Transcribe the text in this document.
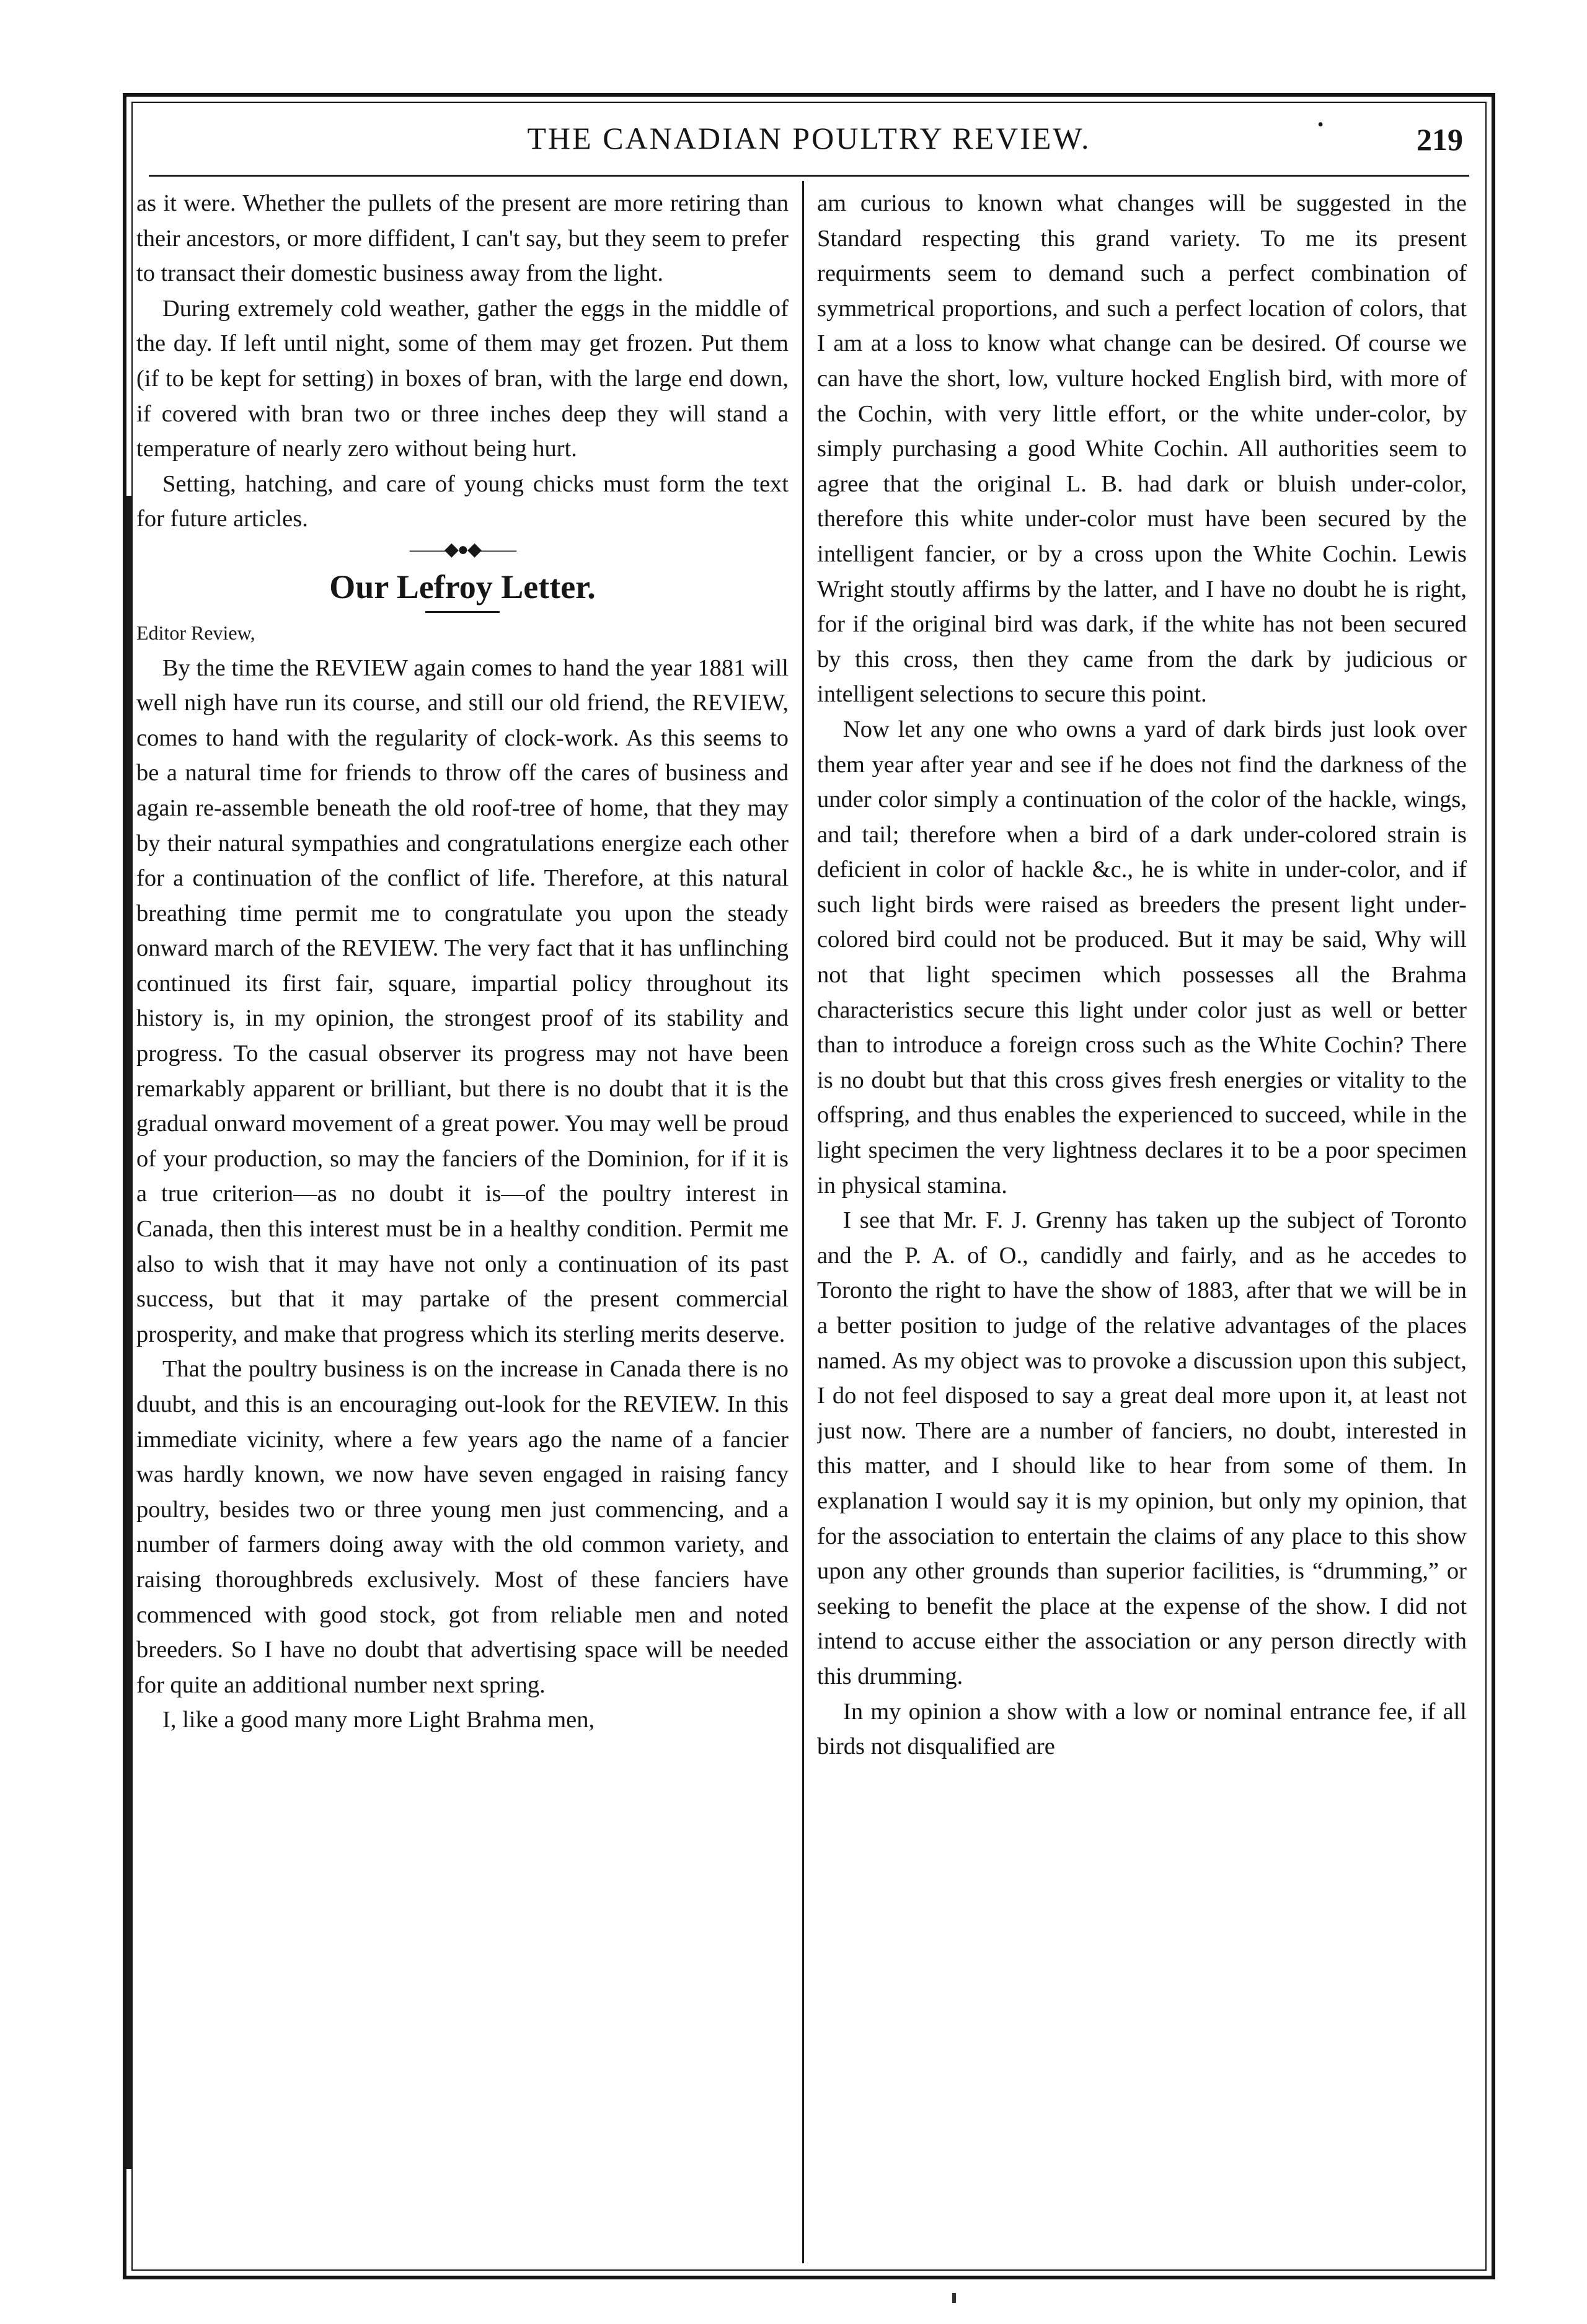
THE CANADIAN POULTRY REVIEW.	•	219

as it were. Whether the pullets of the present are more retiring than their ancestors, or more diffident, I can't say, but they seem to prefer to transact their domestic business away from the light.

During extremely cold weather, gather the eggs in the middle of the day. If left until night, some of them may get frozen. Put them (if to be kept for setting) in boxes of bran, with the large end down, if covered with bran two or three inches deep they will stand a temperature of nearly zero without being hurt.

Setting, hatching, and care of young chicks must form the text for future articles.

——◆●◆——
Our Lefroy Letter.

Editor Review,

By the time the REVIEW again comes to hand the year 1881 will well nigh have run its course, and still our old friend, the REVIEW, comes to hand with the regularity of clock-work. As this seems to be a natural time for friends to throw off the cares of business and again re-assemble beneath the old roof-tree of home, that they may by their natural sympathies and congratulations energize each other for a continuation of the conflict of life. Therefore, at this natural breathing time permit me to congratulate you upon the steady onward march of the REVIEW. The very fact that it has unflinching continued its first fair, square, impartial policy throughout its history is, in my opinion, the strongest proof of its stability and progress. To the casual observer its progress may not have been remarkably apparent or brilliant, but there is no doubt that it is the gradual onward movement of a great power. You may well be proud of your production, so may the fanciers of the Dominion, for if it is a true criterion—as no doubt it is—of the poultry interest in Canada, then this interest must be in a healthy condition. Permit me also to wish that it may have not only a continuation of its past success, but that it may partake of the present commercial prosperity, and make that progress which its sterling merits deserve.

That the poultry business is on the increase in Canada there is no duubt, and this is an encouraging out-look for the REVIEW. In this immediate vicinity, where a few years ago the name of a fancier was hardly known, we now have seven engaged in raising fancy poultry, besides two or three young men just commencing, and a number of farmers doing away with the old common variety, and raising thoroughbreds exclusively. Most of these fanciers have commenced with good stock, got from reliable men and noted breeders. So I have no doubt that advertising space will be needed for quite an additional number next spring.

I, like a good many more Light Brahma men,

am curious to known what changes will be suggested in the Standard respecting this grand variety. To me its present requirments seem to demand such a perfect combination of symmetrical proportions, and such a perfect location of colors, that I am at a loss to know what change can be desired. Of course we can have the short, low, vulture hocked English bird, with more of the Cochin, with very little effort, or the white under-color, by simply purchasing a good White Cochin. All authorities seem to agree that the original L. B. had dark or bluish under-color, therefore this white under-color must have been secured by the intelligent fancier, or by a cross upon the White Cochin. Lewis Wright stoutly affirms by the latter, and I have no doubt he is right, for if the original bird was dark, if the white has not been secured by this cross, then they came from the dark by judicious or intelligent selections to secure this point.

Now let any one who owns a yard of dark birds just look over them year after year and see if he does not find the darkness of the under color simply a continuation of the color of the hackle, wings, and tail; therefore when a bird of a dark under-colored strain is deficient in color of hackle &c., he is white in under-color, and if such light birds were raised as breeders the present light under-colored bird could not be produced. But it may be said, Why will not that light specimen which possesses all the Brahma characteristics secure this light under color just as well or better than to introduce a foreign cross such as the White Cochin? There is no doubt but that this cross gives fresh energies or vitality to the offspring, and thus enables the experienced to succeed, while in the light specimen the very lightness declares it to be a poor specimen in physical stamina.

I see that Mr. F. J. Grenny has taken up the subject of Toronto and the P. A. of O., candidly and fairly, and as he accedes to Toronto the right to have the show of 1883, after that we will be in a better position to judge of the relative advantages of the places named. As my object was to provoke a discussion upon this subject, I do not feel disposed to say a great deal more upon it, at least not just now. There are a number of fanciers, no doubt, interested in this matter, and I should like to hear from some of them. In explanation I would say it is my opinion, but only my opinion, that for the association to entertain the claims of any place to this show upon any other grounds than superior facilities, is “drumming,” or seeking to benefit the place at the expense of the show. I did not intend to accuse either the association or any person directly with this drumming.

In my opinion a show with a low or nominal entrance fee, if all birds not disqualified are
